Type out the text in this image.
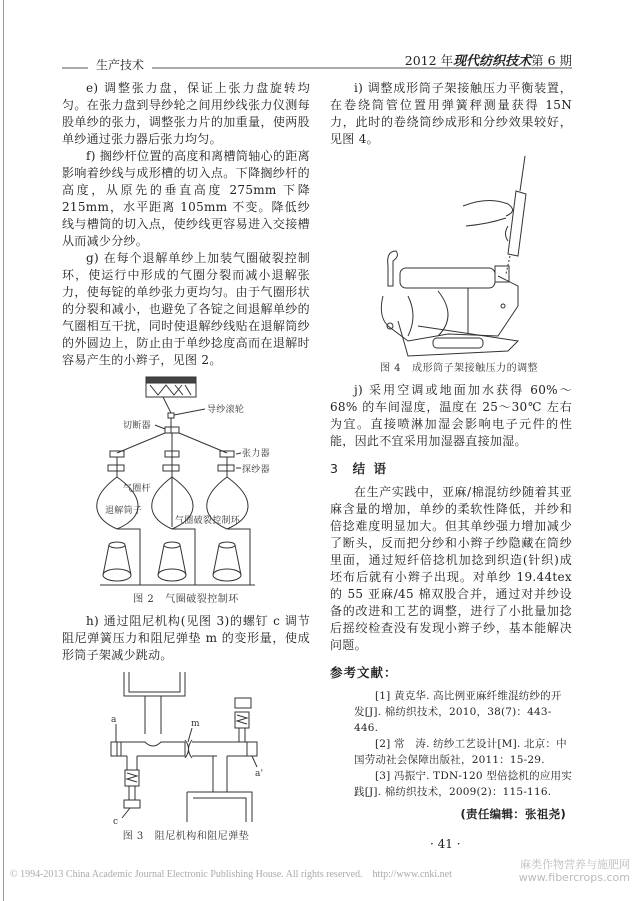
生产技术	2012 年现代纺织技术第 6 期

e) 调整张力盘，保证上张力盘旋转均匀。在张力盘到导纱轮之间用纱线张力仪测每股单纱的张力，调整张力片的加重量，使两股单纱通过张力器后张力均匀。

f) 搁纱杆位置的高度和离槽筒轴心的距离影响着纱线与成形槽的切入点。下降搁纱杆的高度，从原先的垂直高度 275mm 下降 215mm，水平距离 105mm 不变。降低纱线与槽筒的切入点，使纱线更容易进入交接槽从而减少分纱。

g) 在每个退解单纱上加装气圈破裂控制环，使运行中形成的气圈分裂而减小退解张力，使每锭的单纱张力更均匀。由于气圈形状的分裂和减小，也避免了各锭之间退解单纱的气圈相互干扰，同时使退解纱线贴在退解筒纱的外圆边上，防止由于单纱捻度高而在退解时容易产生的小辫子，见图 2。

导纱滚轮
切断器
张力器
探纱器
气圈杆
退解筒子
气圈破裂控制环
图 2 气圈破裂控制环

h) 通过阻尼机构(见图 3)的螺钉 c 调节阻尼弹簧压力和阻尼弹垫 m 的变形量，使成形筒子架减少跳动。

a	m
a'
c
图 3 阻尼机构和阻尼弹垫

i) 调整成形筒子架接触压力平衡装置，在卷绕筒管位置用弹簧秤测量获得 15N 力，此时的卷绕筒纱成形和分纱效果较好，见图 4。

图 4 成形筒子架接触压力的调整

j) 采用空调或地面加水获得 60%～68% 的车间湿度，温度在 25～30℃ 左右为宜。直接喷淋加湿会影响电子元件的性能，因此不宜采用加湿器直接加湿。

3 结 语

在生产实践中，亚麻/棉混纺纱随着其亚麻含量的增加，单纱的柔软性降低，并纱和倍捻难度明显加大。但其单纱强力增加减少了断头，反而把分纱和小辫子纱隐藏在筒纱里面，通过短纤倍捻机加捻到织造(针织)成坯布后就有小辫子出现。对单纱 19.44tex 的 55 亚麻/45 棉双股合并，通过对并纱设备的改进和工艺的调整，进行了小批量加捻后摇绞检查没有发现小辫子纱，基本能解决问题。

参考文献：

[1] 黄克华. 高比例亚麻纤维混纺纱的开发[J]. 棉纺织技术，2010，38(7)：443-446.

[2] 常　涛. 纺纱工艺设计[M]. 北京：中国劳动社会保障出版社，2011：15-29.

[3] 冯振宁. TDN-120 型倍捻机的应用实践[J]. 棉纺织技术，2009(2)：115-116.

(责任编辑：张祖尧)
· 41 ·
© 1994-2013 China Academic Journal Electronic Publishing House. All rights reserved.    http://www.cnki.net
麻类作物营养与施肥网
www.fibercrops.com
